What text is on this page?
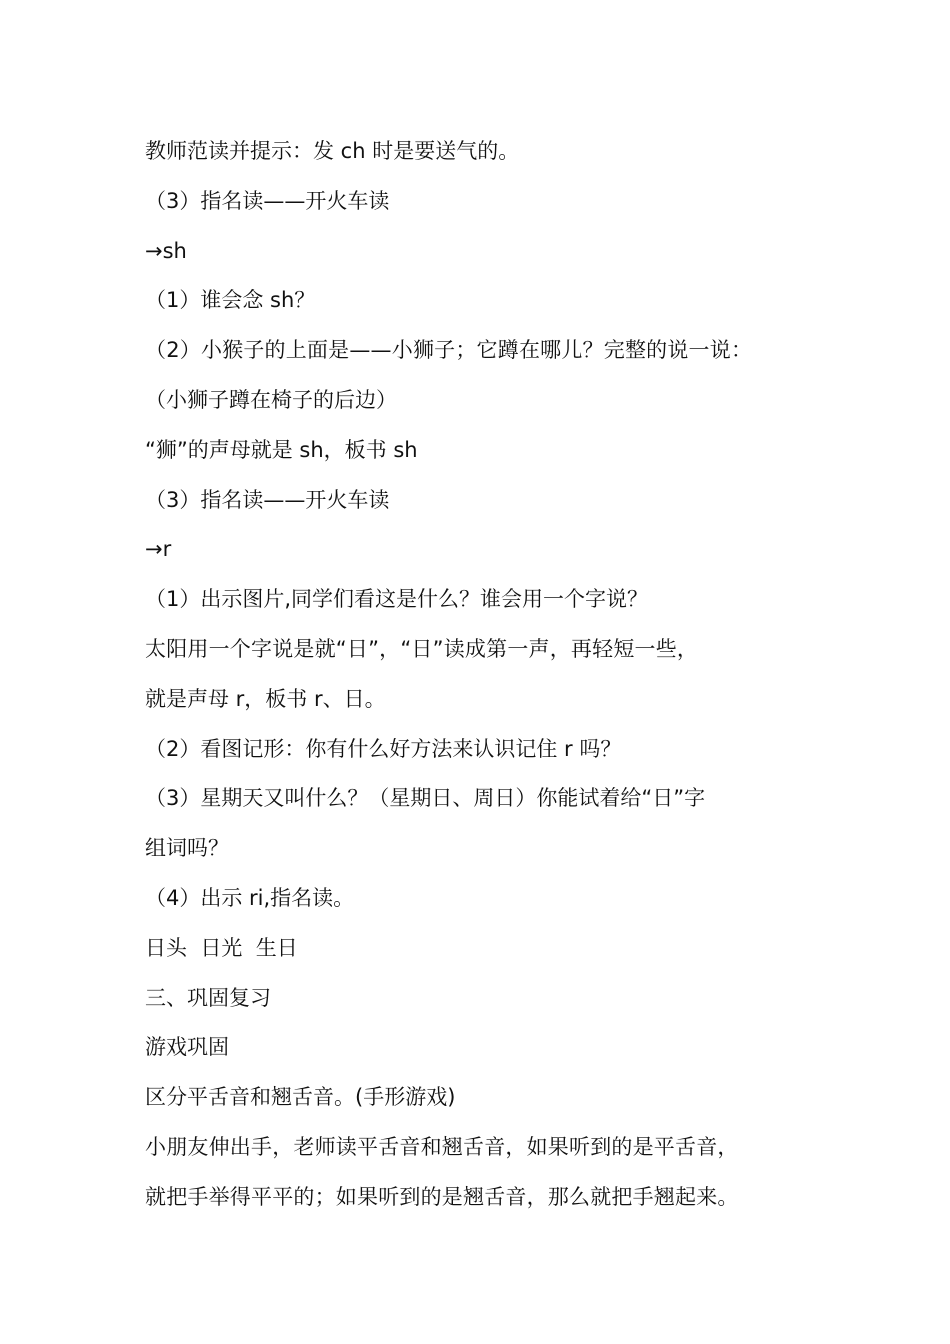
教师范读并提示：发 ch 时是要送气的。
（3）指名读——开火车读
→sh
（1）谁会念 sh？
（2）小猴子的上面是——小狮子；它蹲在哪儿？完整的说一说：
（小狮子蹲在椅子的后边）
“狮”的声母就是 sh，板书 sh
（3）指名读——开火车读
→r
（1）出示图片,同学们看这是什么？谁会用一个字说？
太阳用一个字说是就“日”，“日”读成第一声，再轻短一些，
就是声母 r，板书 r、日。
（2）看图记形：你有什么好方法来认识记住 r 吗？
（3）星期天又叫什么？（星期日、周日）你能试着给“日”字
组词吗？
（4）出示 ri,指名读。
日头  日光  生日
三、巩固复习
游戏巩固
区分平舌音和翘舌音。(手形游戏)
小朋友伸出手，老师读平舌音和翘舌音，如果听到的是平舌音，
就把手举得平平的；如果听到的是翘舌音，那么就把手翘起来。
